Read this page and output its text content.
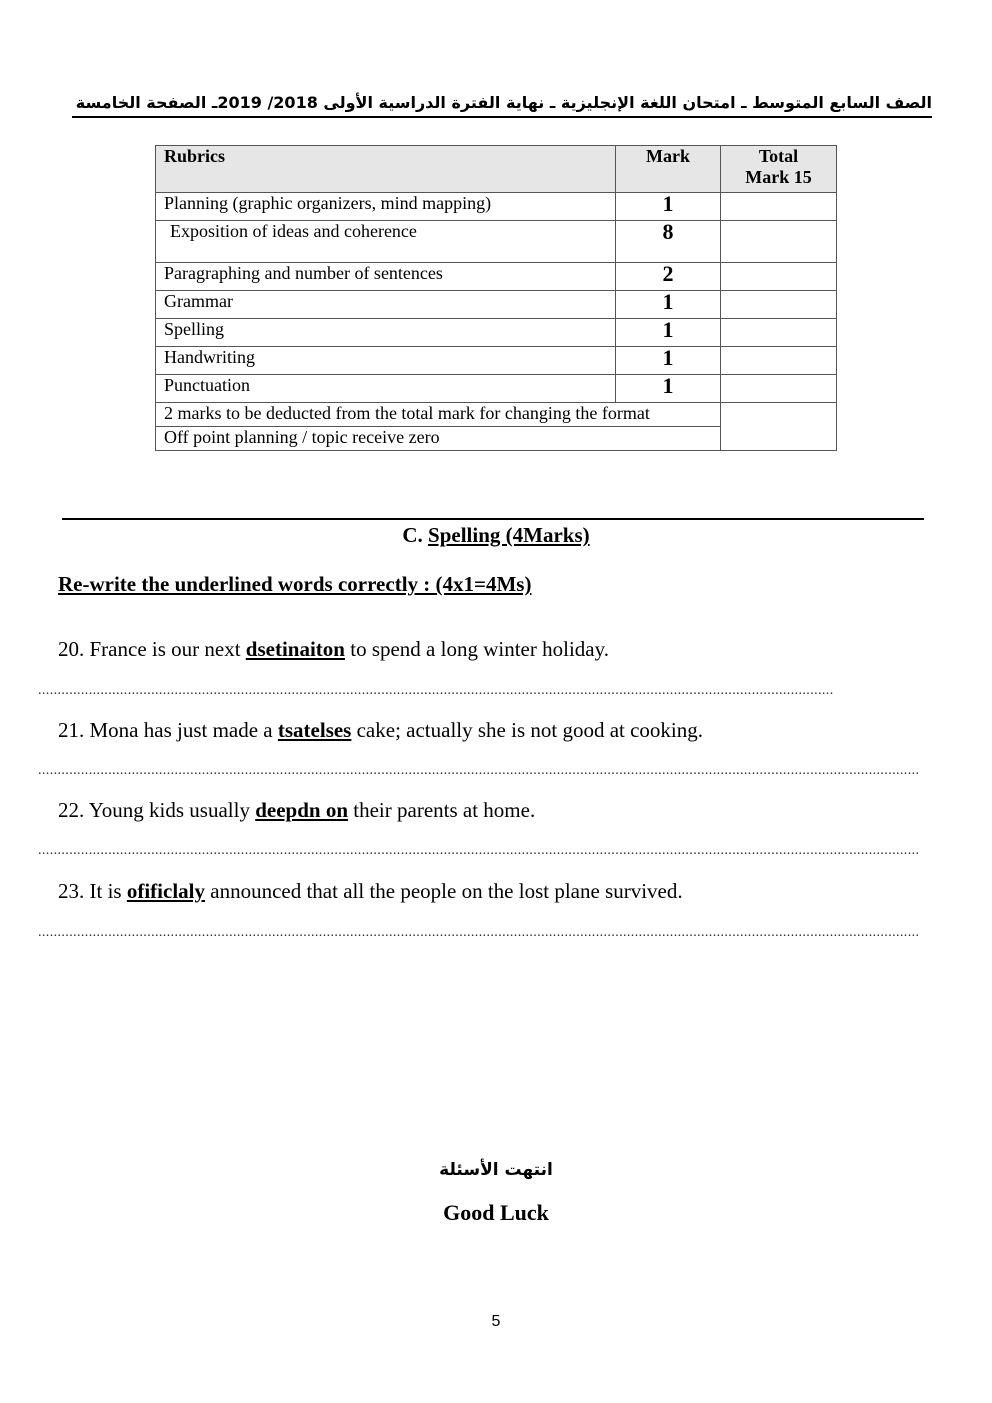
الصف السابع المتوسط ـ امتحان اللغة الإنجليزية ـ نهاية الفترة الدراسية الأولى 2018/ 2019ـ الصفحة الخامسة
Rubrics	Mark	Total
Mark 15
Planning (graphic organizers, mind mapping)	1	
Exposition of ideas and coherence	8	
Paragraphing and number of sentences	2	
Grammar	1	
Spelling	1	
Handwriting	1	
Punctuation	1	
2 marks to be deducted from the total mark for changing the format		
Off point planning / topic receive zero		
C. Spelling (4Marks)
Re-write the underlined words correctly : (4x1=4Ms)
20. France is our next dsetinaiton to spend a long winter holiday.
............................................................................................................................................................................................................
21. Mona has just made a tsatelses cake; actually she is not good at cooking.
..................................................................................................................................................................................................................................
22. Young kids usually deepdn on their parents at home.
..................................................................................................................................................................................................................................
23. It is ofificlaly announced that all the people on the lost plane survived.
..................................................................................................................................................................................................................................
انتهت الأسئلة
Good Luck
5
